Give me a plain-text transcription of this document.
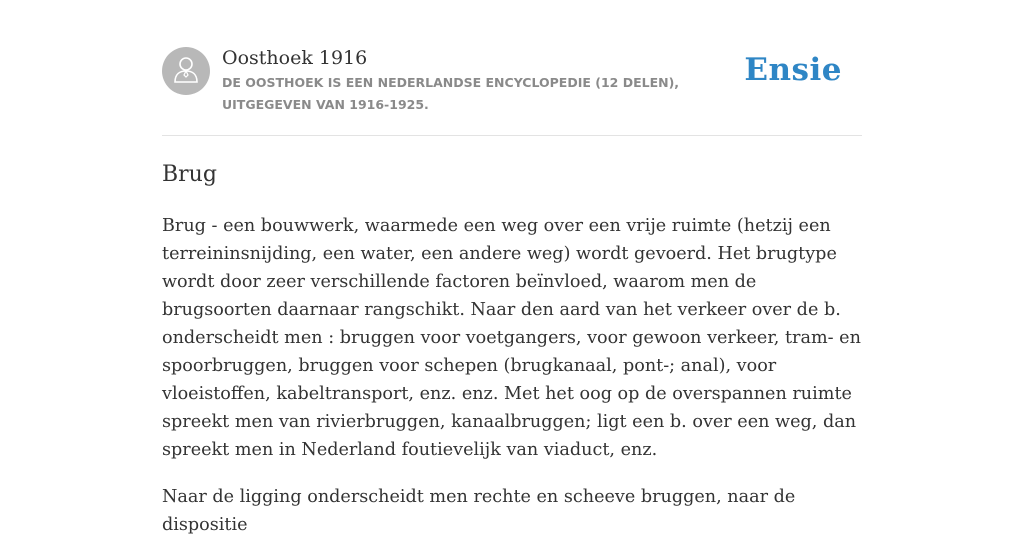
Oosthoek 1916
DE OOSTHOEK IS EEN NEDERLANDSE ENCYCLOPEDIE (12 DELEN), UITGEGEVEN VAN 1916-1925.
Ensie
Brug

Brug - een bouwwerk, waarmede een weg over een vrije ruimte (hetzij een terreininsnijding, een water, een andere weg) wordt gevoerd. Het brugtype wordt door zeer verschillende factoren beïnvloed, waarom men de brugsoorten daarnaar rangschikt. Naar den aard van het verkeer over de b. onderscheidt men : bruggen voor voetgangers, voor gewoon verkeer, tram- en spoorbruggen, bruggen voor schepen (brugkanaal, pont-; anal), voor vloeistoffen, kabeltransport, enz. enz. Met het oog op de overspannen ruimte spreekt men van rivierbruggen, kanaalbruggen; ligt een b. over een weg, dan spreekt men in Nederland foutievelijk van viaduct, enz.

Naar de ligging onderscheidt men rechte en scheeve bruggen, naar de dispositie
